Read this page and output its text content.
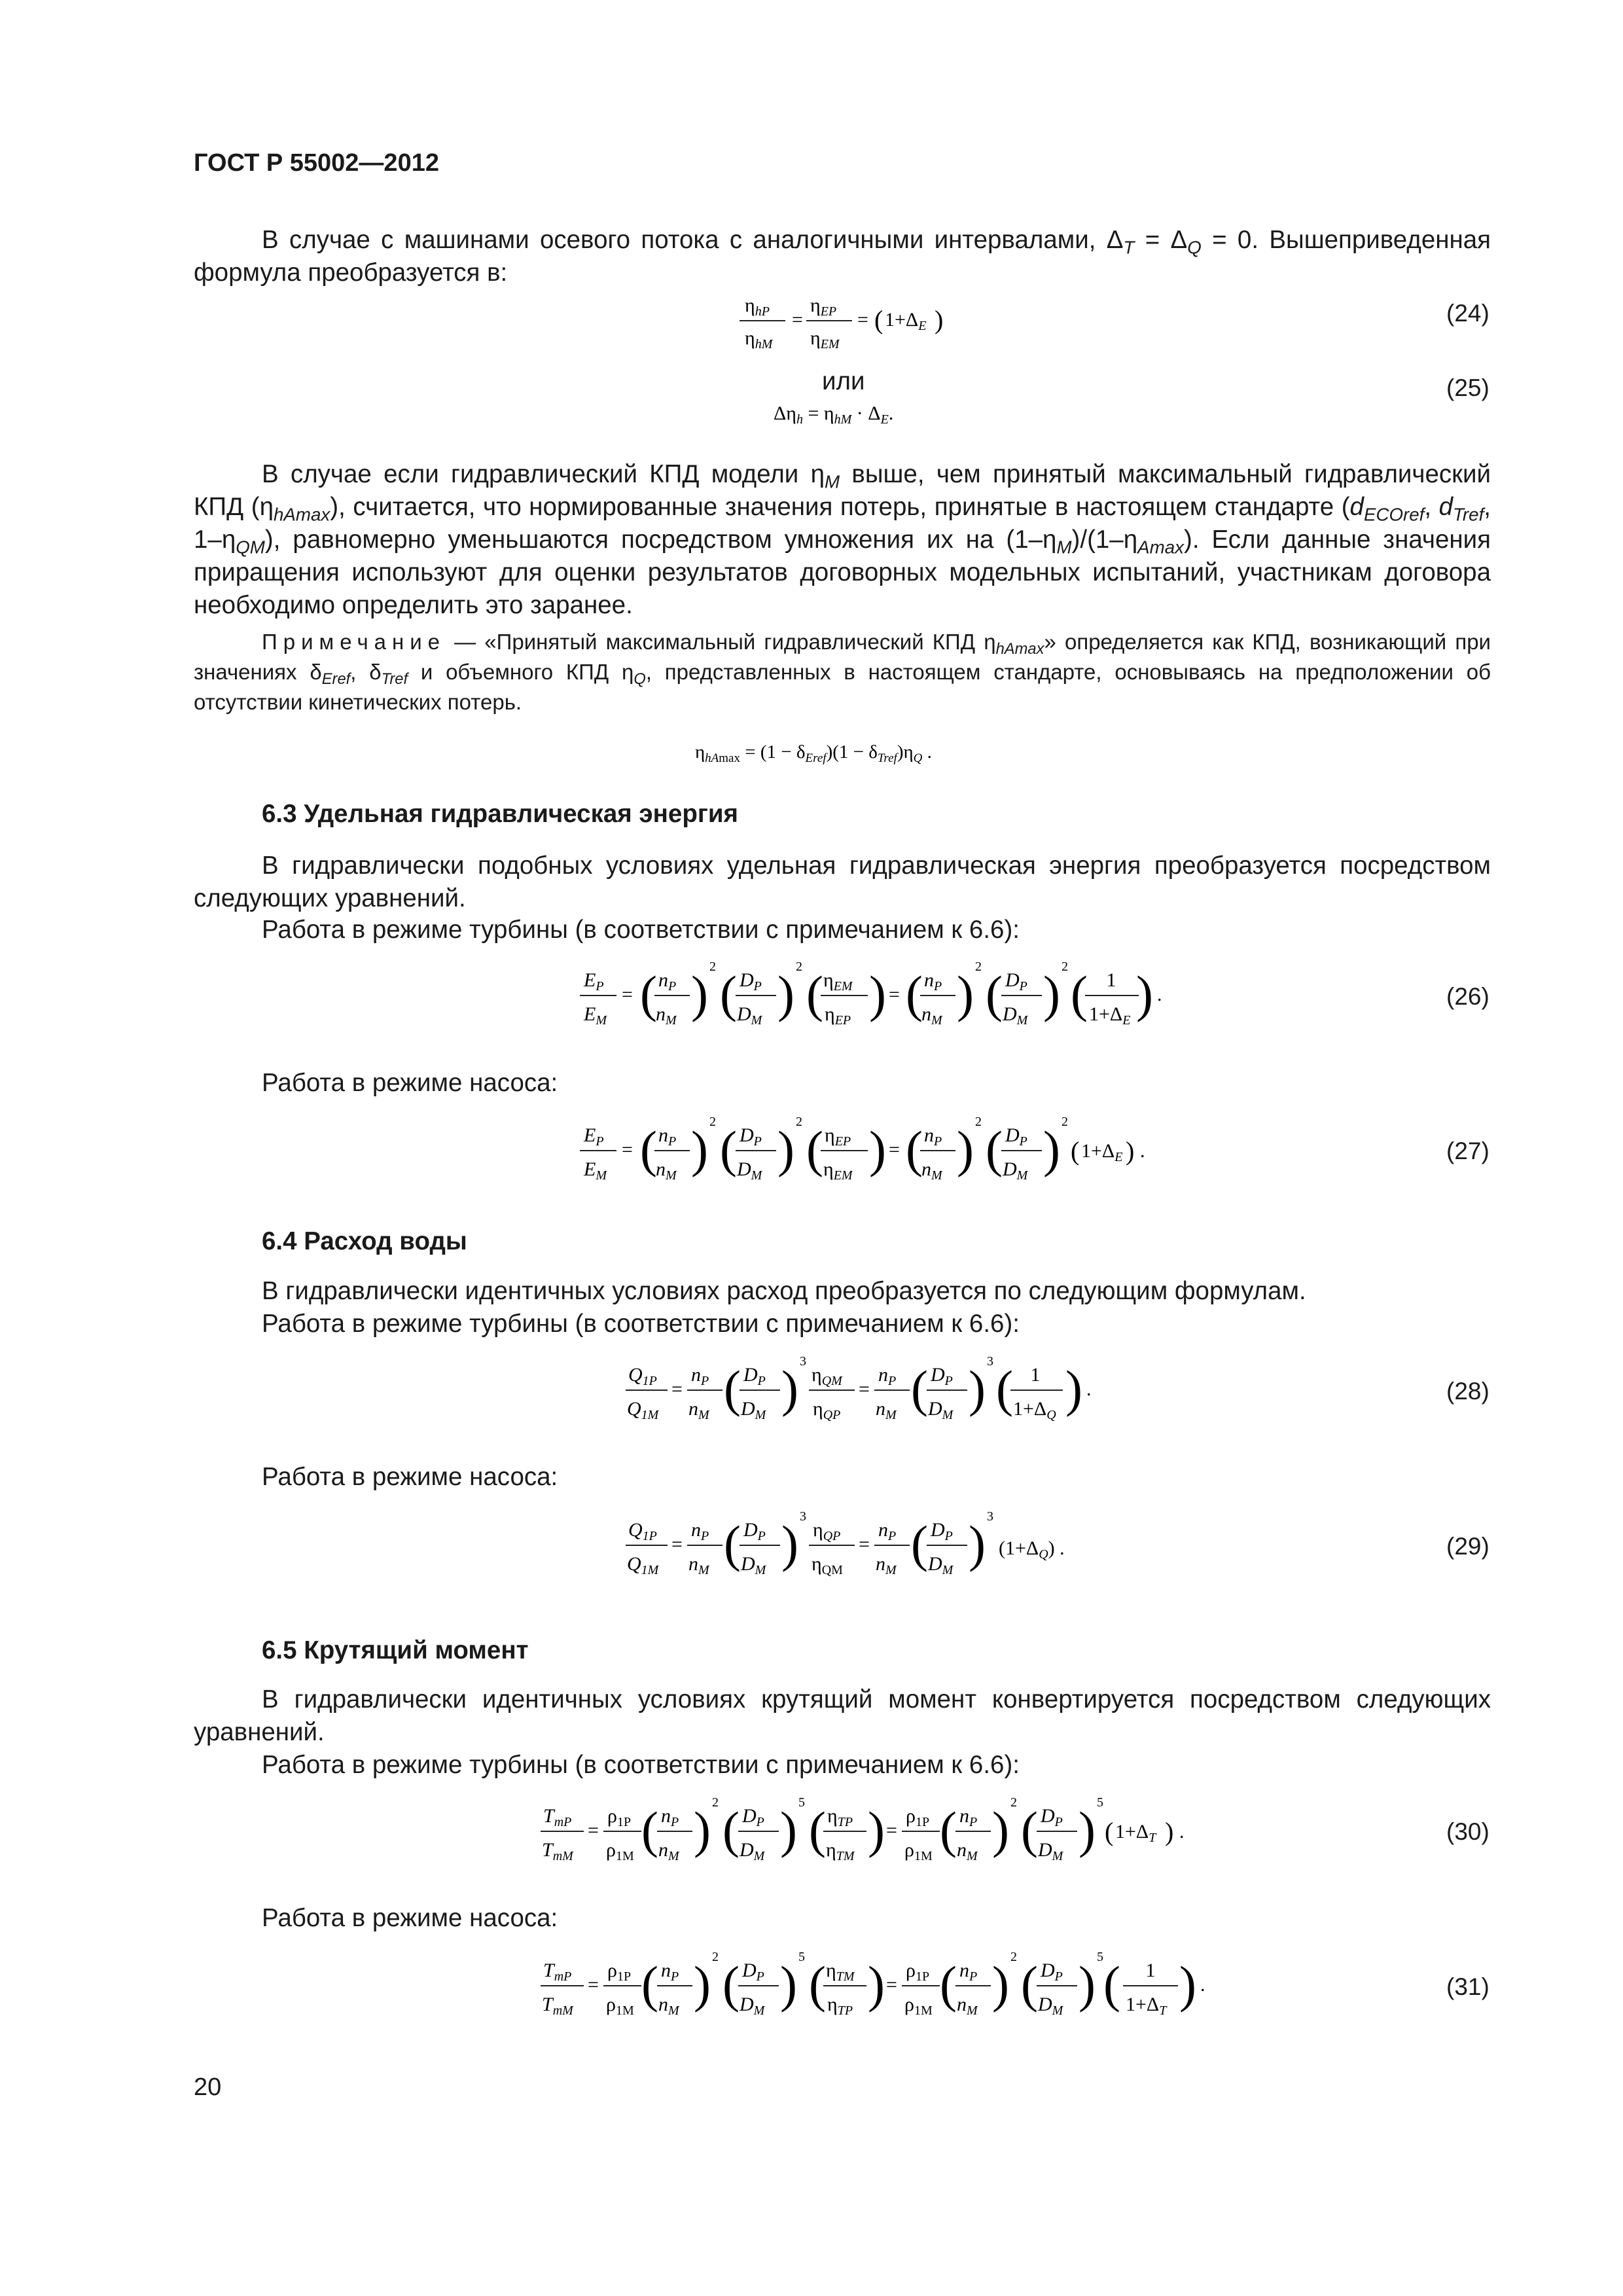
ГОСТ Р 55002—2012

В случае с машинами осевого потока с аналогичными интервалами, $\Delta_T = \Delta_Q = 0$. Вышеприведенная формула преобразуется в:

$\eta_{hP}$
$\eta_{hM}$
=
$\eta_{EP}$
$\eta_{EM}$
= ( $1+\Delta_E$ )	(24)
или
$\Delta\eta_h = \eta_{hM} \cdot \Delta_E$.
(25)

В случае если гидравлический КПД модели $\eta_M$ выше, чем принятый максимальный гидравлический КПД $(\eta_{hAmax})$, считается, что нормированные значения потерь, принятые в настоящем стандарте ($d_{ECOref}$, $d_{Tref}$, $1-\eta_{QM}$), равномерно уменьшаются посредством умножения их на $(1-\eta_M)/(1-\eta_{Amax})$. Если данные значения приращения используют для оценки результатов договорных модельных испытаний, участникам договора необходимо определить это заранее.

Примечание — «Принятый максимальный гидравлический КПД $\eta_{hAmax}$» определяется как КПД, возникающий при значениях $\delta_{Eref}$, $\delta_{Tref}$ и объемного КПД $\eta_Q$, представленных в настоящем стандарте, основываясь на предположении об отсутствии кинетических потерь.

$\eta_{hA}\max = (1 - \delta_{Eref})(1 - \delta_{Tref})\eta_Q$ .
6.3 Удельная гидравлическая энергия

В гидравлически подобных условиях удельная гидравлическая энергия преобразуется посредством следующих уравнений.

Работа в режиме турбины (в соответствии с примечанием к 6.6):
$E_P$
$E_M$
= ( $n_P$
$n_M$ ) 2 ( $D_P$
$D_M$ ) 2 ( $\eta_{EM}$
$\eta_{EP}$ ) = ( $n_P$
$n_M$ ) 2 ( $D_P$
$D_M$ ) 2 ( 1
$1+\Delta_E$ ) .	(26)
Работа в режиме насоса:
$E_P$
$E_M$
= ( $n_P$
$n_M$ ) 2 ( $D_P$
$D_M$ ) 2 ( $\eta_{EP}$
$\eta_{EM}$ ) = ( $n_P$
$n_M$ ) 2 ( $D_P$
$D_M$ ) 2
( $1+\Delta_E$ ) .	(27)
6.4 Расход воды
В гидравлически идентичных условиях расход преобразуется по следующим формулам.
Работа в режиме турбины (в соответствии с примечанием к 6.6):
$Q_{1P}$
$Q_{1M}$
=
$n_P$
$n_M$ ( $D_P$
$D_M$ ) 3
$\eta_{QM}$
$\eta_{QP}$
=
$n_P$
$n_M$ ( $D_P$
$D_M$ ) 3 ( 1
$1+\Delta_Q$ ) .	(28)
Работа в режиме насоса:
$Q_{1P}$
$Q_{1M}$
=
$n_P$
$n_M$ ( $D_P$
$D_M$ ) 3
$\eta_{QP}$
$\eta_{QM}$
=
$n_P$
$n_M$ ( $D_P$
$D_M$ ) 3
$(1+\Delta_Q)$ .	(29)
6.5 Крутящий момент

В гидравлически идентичных условиях крутящий момент конвертируется посредством следующих уравнений.

Работа в режиме турбины (в соответствии с примечанием к 6.6):
$T_{mP}$
$T_{mM}$
=
$\rho_{1P}$
$\rho_{1M}$ ( $n_P$
$n_M$ ) 2 ( $D_P$
$D_M$ ) 5 ( $\eta_{TP}$
$\eta_{TM}$ ) =
$\rho_{1P}$
$\rho_{1M}$ ( $n_P$
$n_M$ ) 2 ( $D_P$
$D_M$ ) 5
( $1+\Delta_T$ ) .	(30)
Работа в режиме насоса:
$T_{mP}$
$T_{mM}$
=
$\rho_{1P}$
$\rho_{1M}$ ( $n_P$
$n_M$ ) 2 ( $D_P$
$D_M$ ) 5 ( $\eta_{TM}$
$\eta_{TP}$ ) =
$\rho_{1P}$
$\rho_{1M}$ ( $n_P$
$n_M$ ) 2 ( $D_P$
$D_M$ ) 5 ( 1
$1+\Delta_T$ ) .	(31)
20
